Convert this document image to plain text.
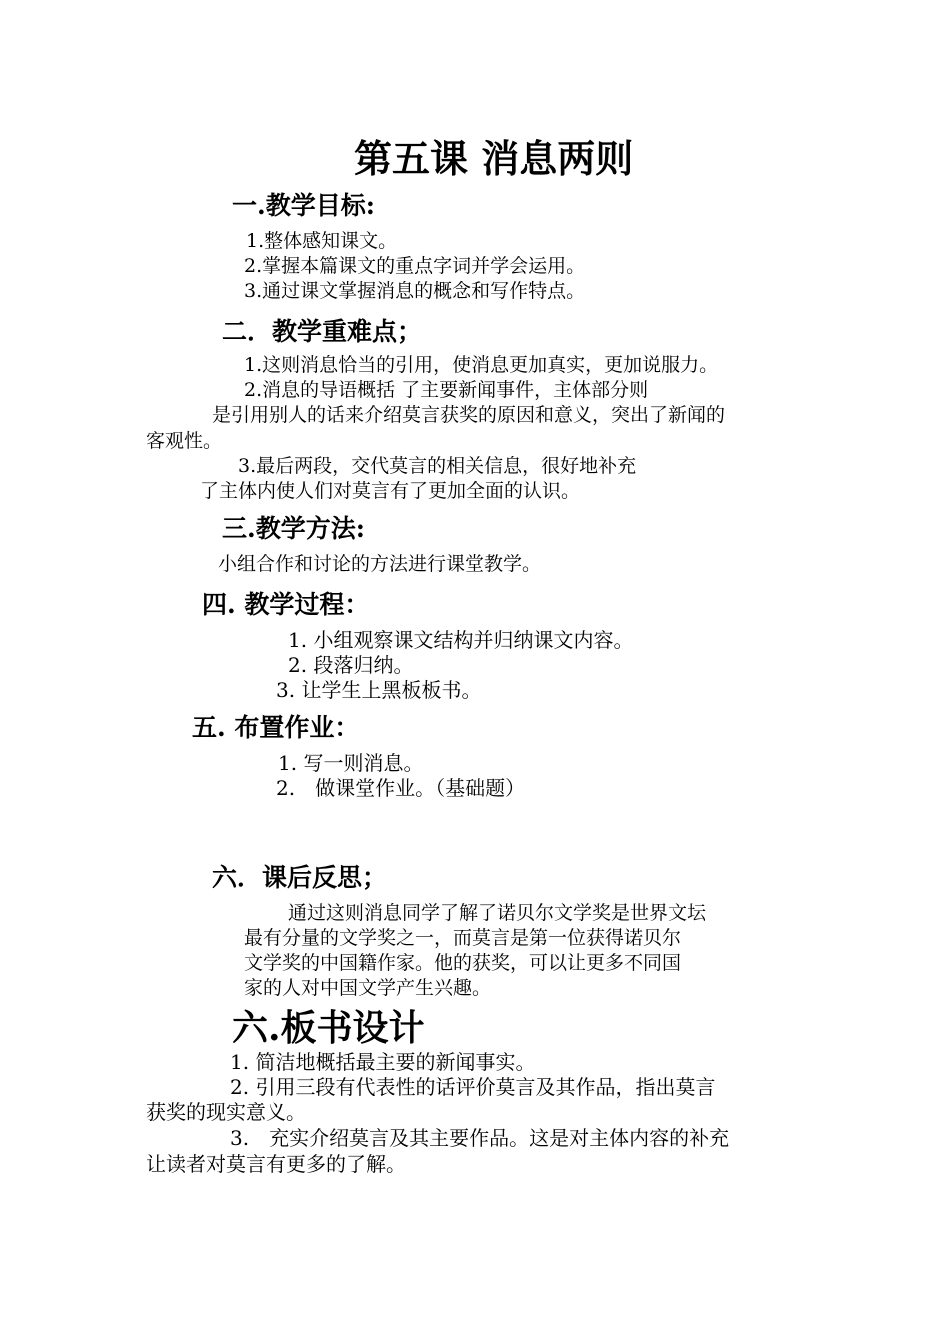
第五课 消息两则
一.教学目标:
1.整体感知课文。
2.掌握本篇课文的重点字词并学会运用。
3.通过课文掌握消息的概念和写作特点。
二．教学重难点；
1.这则消息恰当的引用，使消息更加真实，更加说服力。
2.消息的导语概括 了主要新闻事件，主体部分则
是引用别人的话来介绍莫言获奖的原因和意义，突出了新闻的
客观性。
3.最后两段，交代莫言的相关信息，很好地补充
了主体内使人们对莫言有了更加全面的认识。
三.教学方法:
小组合作和讨论的方法进行课堂教学。
四. 教学过程：
1. 小组观察课文结构并归纳课文内容。
2. 段落归纳。
3. 让学生上黑板板书。
五. 布置作业：
1. 写一则消息。
2.　做课堂作业。（基础题）
六．课后反思；
通过这则消息同学了解了诺贝尔文学奖是世界文坛
最有分量的文学奖之一，而莫言是第一位获得诺贝尔
文学奖的中国籍作家。他的获奖，可以让更多不同国
家的人对中国文学产生兴趣。
六.板书设计
1. 简洁地概括最主要的新闻事实。
2. 引用三段有代表性的话评价莫言及其作品，指出莫言
获奖的现实意义。
3.　充实介绍莫言及其主要作品。这是对主体内容的补充
让读者对莫言有更多的了解。
